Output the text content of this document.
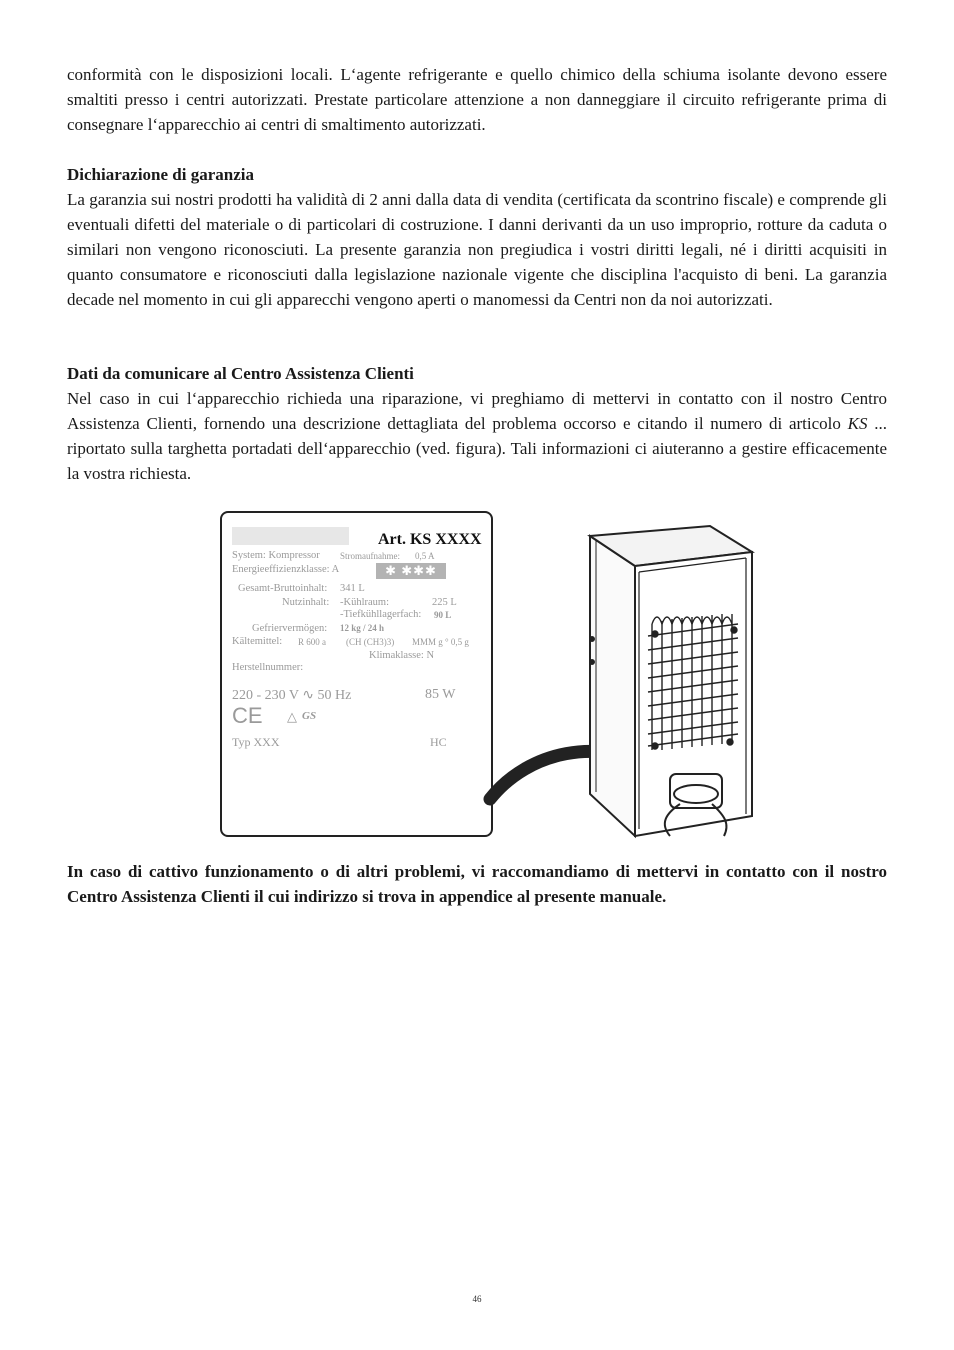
conformità con le disposizioni locali. L‘agente refrigerante e quello chimico della schiuma isolante devono essere smaltiti presso i centri autorizzati. Prestate particolare attenzione a non danneggiare il circuito refrigerante prima di consegnare l‘apparecchio ai centri di smaltimento autorizzati.

Dichiarazione di garanzia
La garanzia sui nostri prodotti ha validità di 2 anni dalla data di vendita (certificata da scontrino fiscale) e comprende gli eventuali difetti del materiale o di particolari di costruzione. I danni derivanti da un uso improprio, rotture da caduta o similari non vengono riconosciuti. La presente garanzia non pregiudica i vostri diritti legali, né i diritti acquisiti in quanto consumatore e riconosciuti dalla legislazione nazionale vigente che disciplina l'acquisto di beni. La garanzia decade nel momento in cui gli apparecchi vengono aperti o manomessi da Centri non da noi autorizzati.
Dati da comunicare al Centro Assistenza Clienti
Nel caso in cui l‘apparecchio richieda una riparazione, vi preghiamo di mettervi in contatto con il nostro Centro Assistenza Clienti, fornendo una descrizione dettagliata del problema occorso e citando il numero di articolo KS ... riportato sulla targhetta portadati dell‘apparecchio (ved. figura). Tali informazioni ci aiuteranno a gestire efficacemente la vostra richiesta.
Art. KS XXXX
System: Kompressor Stromaufnahme: 0,5 A
Energieeffizienzklasse: A	✱ ✱✱✱
Gesamt-Bruttoinhalt: 341 L
Nutzinhalt: -Kühlraum:	225 L
-Tiefkühllagerfach: 90 L
Gefriervermögen: 12 kg / 24 h
Kältemittel: R 600 a (CH (CH3)3) MMM g ° 0,5 g
Klimaklasse: N
Herstellnummer:
220 - 230 V ∿ 50 Hz	85 W
CE △ GS
Typ XXX	HC

In caso di cattivo funzionamento o di altri problemi, vi raccomandiamo di mettervi in contatto con il nostro Centro Assistenza Clienti il cui indirizzo si trova in appendice al presente manuale.

46
